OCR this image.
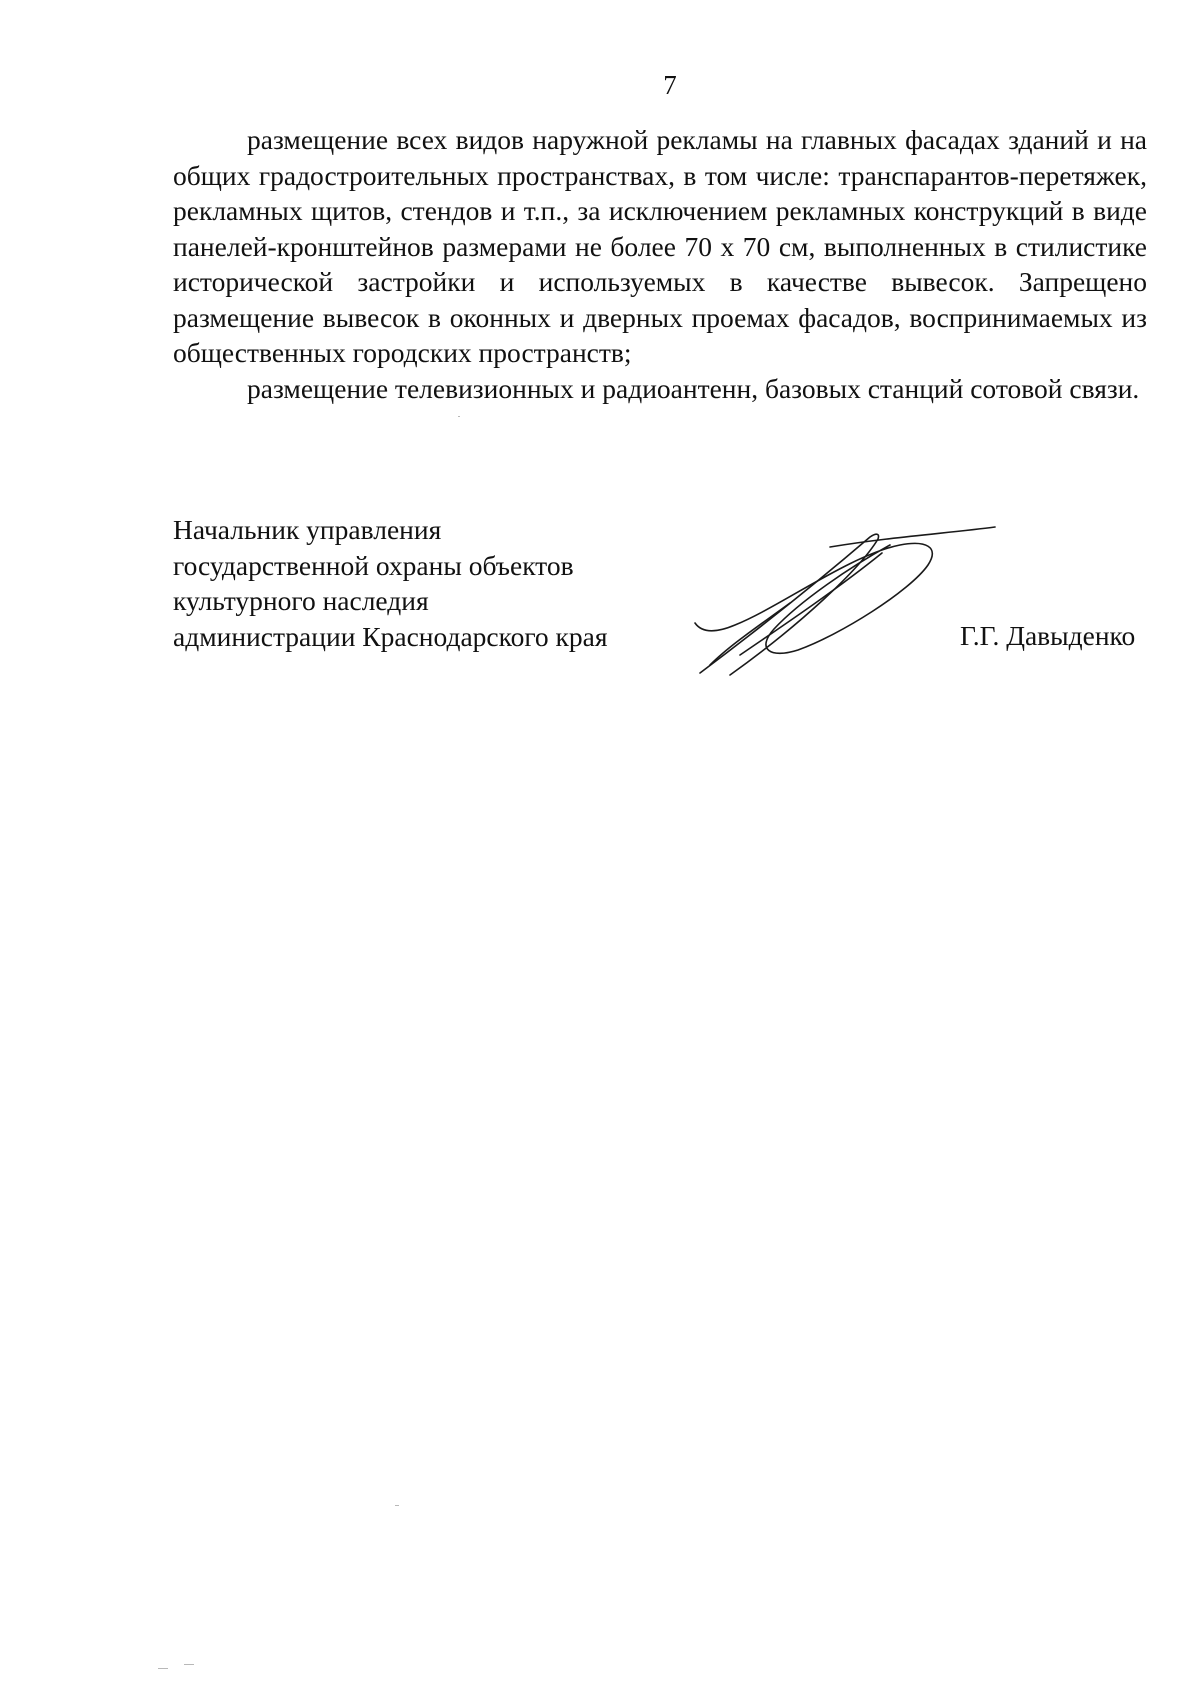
7

размещение всех видов наружной рекламы на главных фасадах зданий и на общих градостроительных пространствах, в том числе: транспарантов-перетяжек, рекламных щитов, стендов и т.п., за исключением рекламных конструкций в виде панелей-кронштейнов размерами не более 70 х 70 см, выполненных в стилистике исторической застройки и используемых в качестве вывесок. Запрещено размещение вывесок в оконных и дверных проемах фасадов, воспринимаемых из общественных городских пространств;

размещение телевизионных и радиоантенн, базовых станций сотовой связи.

Начальник управления
государственной охраны объектов
культурного наследия
администрации Краснодарского края	Г.Г. Давыденко
